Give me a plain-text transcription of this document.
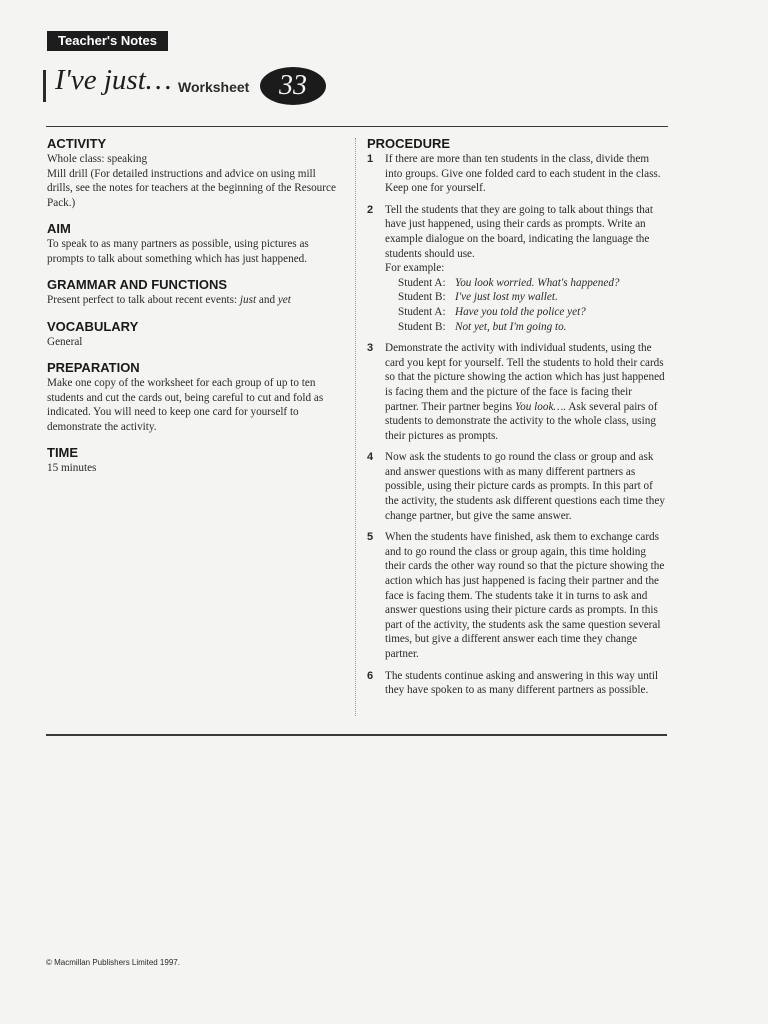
Teacher's Notes
I've just… Worksheet	33
ACTIVITY

Whole class: speaking
Mill drill (For detailed instructions and advice on using mill drills, see the notes for teachers at the beginning of the Resource Pack.)

AIM

To speak to as many partners as possible, using pictures as prompts to talk about something which has just happened.

GRAMMAR AND FUNCTIONS

Present perfect to talk about recent events: just and yet

VOCABULARY

General

PREPARATION

Make one copy of the worksheet for each group of up to ten students and cut the cards out, being careful to cut and fold as indicated. You will need to keep one card for yourself to demonstrate the activity.

TIME

15 minutes

PROCEDURE
1 If there are more than ten students in the class, divide them into groups. Give one folded card to each student in the class. Keep one for yourself.
2 Tell the students that they are going to talk about things that have just happened, using their cards as prompts. Write an example dialogue on the board, indicating the language the students should use.
For example:
Student A: You look worried. What's happened?
Student B: I've just lost my wallet.
Student A: Have you told the police yet?
Student B: Not yet, but I'm going to.
3 Demonstrate the activity with individual students, using the card you kept for yourself. Tell the students to hold their cards so that the picture showing the action which has just happened is facing them and the picture of the face is facing their partner. Their partner begins You look…. Ask several pairs of students to demonstrate the activity to the whole class, using their pictures as prompts.
4 Now ask the students to go round the class or group and ask and answer questions with as many different partners as possible, using their picture cards as prompts. In this part of the activity, the students ask different questions each time they change partner, but give the same answer.
5 When the students have finished, ask them to exchange cards and to go round the class or group again, this time holding their cards the other way round so that the picture showing the action which has just happened is facing their partner and the face is facing them. The students take it in turns to ask and answer questions using their picture cards as prompts. In this part of the activity, the students ask the same question several times, but give a different answer each time they change partner.
6 The students continue asking and answering in this way until they have spoken to as many different partners as possible.
© Macmillan Publishers Limited 1997.
